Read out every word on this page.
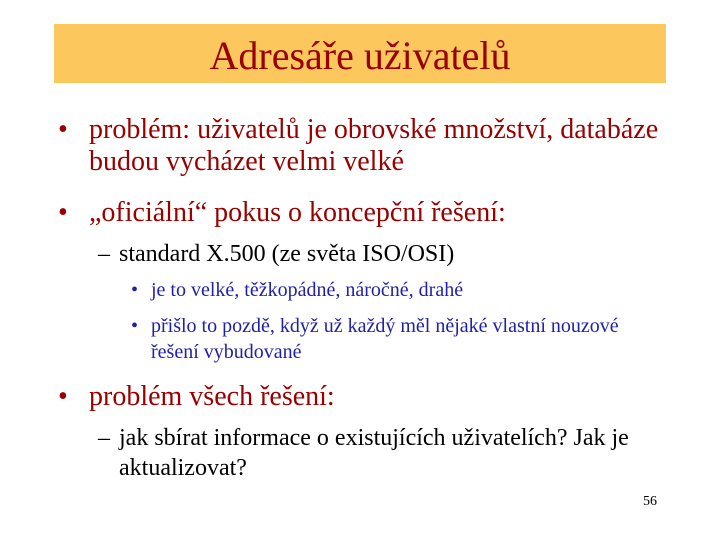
Adresáře uživatelů
• problém: uživatelů je obrovské množství, databáze budou vycházet velmi velké
• „oficiální“ pokus o koncepční řešení:
– standard X.500 (ze světa ISO/OSI)
• je to velké, těžkopádné, náročné, drahé
• přišlo to pozdě, když už každý měl nějaké vlastní nouzové řešení vybudované
• problém všech řešení:
– jak sbírat informace o existujících uživatelích? Jak je aktualizovat?
56
